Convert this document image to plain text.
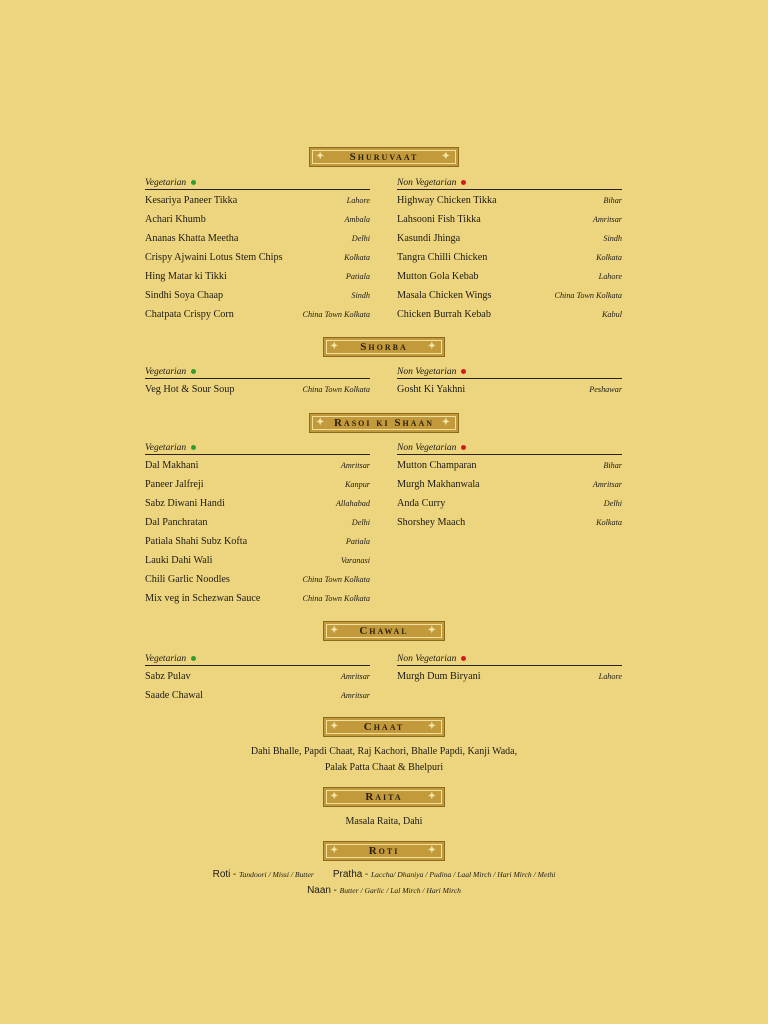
✦ Shuruvaat ✦
Vegetarian
Kesariya Paneer Tikka	Lahore
Achari Khumb	Ambala
Ananas Khatta Meetha	Delhi
Crispy Ajwaini Lotus Stem Chips	Kolkata
Hing Matar ki Tikki	Patiala
Sindhi Soya Chaap	Sindh
Chatpata Crispy Corn	China Town Kolkata
Non Vegetarian
Highway Chicken Tikka	Bihar
Lahsooni Fish Tikka	Amritsar
Kasundi Jhinga	Sindh
Tangra Chilli Chicken	Kolkata
Mutton Gola Kebab	Lahore
Masala Chicken Wings	China Town Kolkata
Chicken Burrah Kebab	Kabul
✦ Shorba ✦
Vegetarian
Veg Hot & Sour Soup	China Town Kolkata
Non Vegetarian
Gosht Ki Yakhni	Peshawar
✦ Rasoi ki Shaan ✦
Vegetarian
Dal Makhani	Amritsar
Paneer Jalfreji	Kanpur
Sabz Diwani Handi	Allahabad
Dal Panchratan	Delhi
Patiala Shahi Subz Kofta	Patiala
Lauki Dahi Wali	Varanasi
Chili Garlic Noodles	China Town Kolkata
Mix veg in Schezwan Sauce	China Town Kolkata
Non Vegetarian
Mutton Champaran	Bihar
Murgh Makhanwala	Amritsar
Anda Curry	Delhi
Shorshey Maach	Kolkata
✦ Chawal ✦
Vegetarian
Sabz Pulav	Amritsar
Saade Chawal	Amritsar
Non Vegetarian
Murgh Dum Biryani	Lahore
✦ Chaat ✦
Dahi Bhalle, Papdi Chaat, Raj Kachori, Bhalle Papdi, Kanji Wada,
Palak Patta Chaat & Bhelpuri
✦ Raita ✦
Masala Raita, Dahi
✦	Roti	✦
Roti - Tandoori / Missi / Butter Pratha - Laccha/ Dhaniya / Pudina / Laal Mirch / Hari Mirch / Methi
Naan - Butter / Garlic / Lal Mirch / Hari Mirch
